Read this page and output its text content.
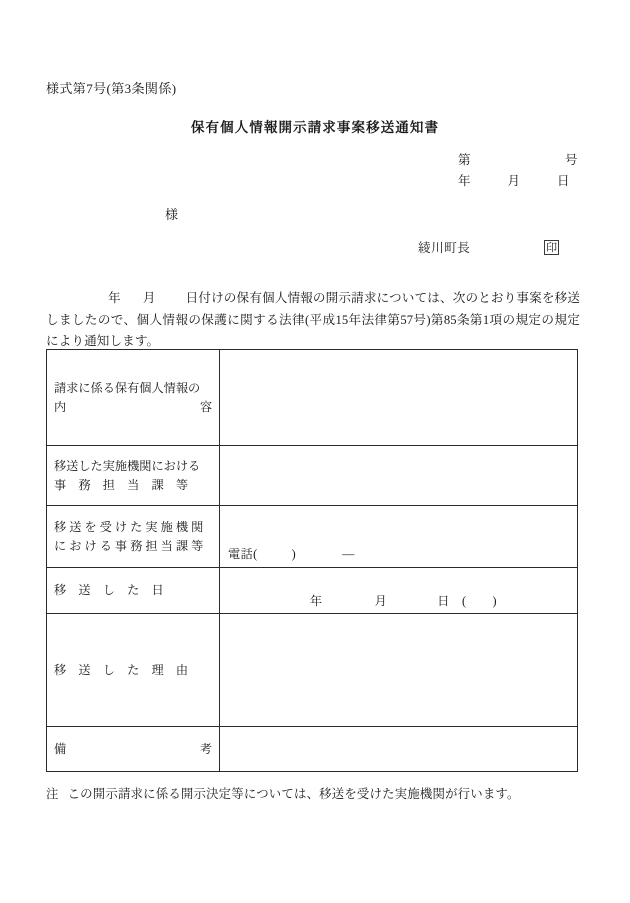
様式第7号(第3条関係)
保有個人情報開示請求事案移送通知書
第	号
年	月	日
様
綾川町長	印
年 月 日付けの保有個人情報の開示請求については、次のとおり事案を移送しましたので、個人情報の保護に関する法律(平成15年法律第57号)第85条第1項の規定の規定により通知します。
請求に係る保有個人情報の
内 容	

移送した実施機関における
事　務　担　当　課　等	

移 送 を 受 け た 実 施 機 関
に お け る 事 務 担 当 課 等	電話( ) ―

移　送　し　た　日	年 月 日 ( )

移　送　し　た　理　由	

備 考	

注 この開示請求に係る開示決定等については、移送を受けた実施機関が行います。
